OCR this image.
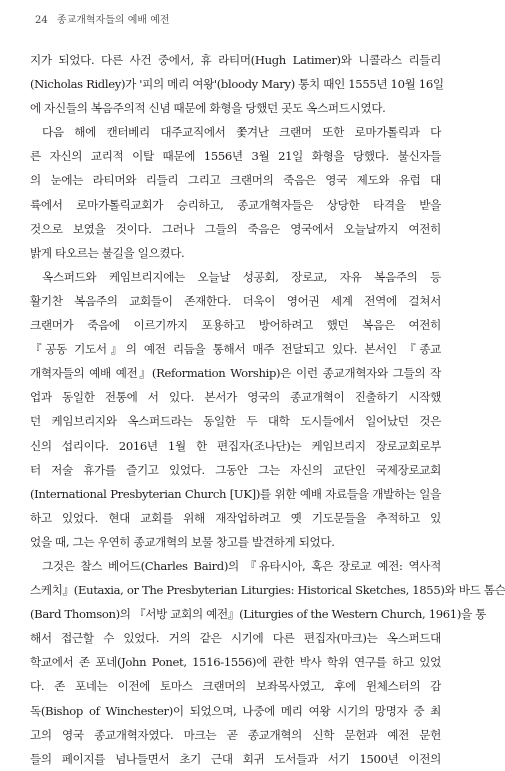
24 종교개혁자들의 예배 예전
지가 되었다. 다른 사건 중에서, 휴 라티머(Hugh Latimer)와 니콜라스 리들리
(Nicholas Ridley)가 '피의 메리 여왕'(bloody Mary) 통치 때인 1555년 10월 16일
에 자신들의 복음주의적 신념 때문에 화형을 당했던 곳도 옥스퍼드시였다.
다음 해에 캔터베리 대주교직에서 쫓겨난 크랜머 또한 로마가톨릭과 다
른 자신의 교리적 이탈 때문에 1556년 3월 21일 화형을 당했다. 불신자들
의 눈에는 라티머와 리들리 그리고 크랜머의 죽음은 영국 제도와 유럽 대
륙에서 로마가톨릭교회가 승리하고, 종교개혁자들은 상당한 타격을 받을
것으로 보였을 것이다. 그러나 그들의 죽음은 영국에서 오늘날까지 여전히
밝게 타오르는 불길을 일으켰다.
옥스퍼드와 케임브리지에는 오늘날 성공회, 장로교, 자유 복음주의 등
활기찬 복음주의 교회들이 존재한다. 더욱이 영어권 세계 전역에 걸쳐서
크랜머가 죽음에 이르기까지 포용하고 방어하려고 했던 복음은 여전히
『공동 기도서』의 예전 리듬을 통해서 매주 전달되고 있다. 본서인 『종교
개혁자들의 예배 예전』(Reformation Worship)은 이런 종교개혁자와 그들의 작
업과 동일한 전통에 서 있다. 본서가 영국의 종교개혁이 진출하기 시작했
던 케임브리지와 옥스퍼드라는 동일한 두 대학 도시들에서 일어났던 것은
신의 섭리이다. 2016년 1월 한 편집자(조나단)는 케임브리지 장로교회로부
터 저술 휴가를 즐기고 있었다. 그동안 그는 자신의 교단인 국제장로교회
(International Presbyterian Church [UK])를 위한 예배 자료들을 개발하는 일을
하고 있었다. 현대 교회를 위해 재작업하려고 옛 기도문들을 추적하고 있
었을 때, 그는 우연히 종교개혁의 보물 창고를 발견하게 되었다.
그것은 찰스 베어드(Charles Baird)의 『유타시아, 혹은 장로교 예전: 역사적
스케치』(Eutaxia, or The Presbyterian Liturgies: Historical Sketches, 1855)와 바드 톰슨
(Bard Thomson)의 『서방 교회의 예전』(Liturgies of the Western Church, 1961)을 통
해서 접근할 수 있었다. 거의 같은 시기에 다른 편집자(마크)는 옥스퍼드대
학교에서 존 포네(John Ponet, 1516-1556)에 관한 박사 학위 연구를 하고 있었
다. 존 포네는 이전에 토마스 크랜머의 보좌목사였고, 후에 윈체스터의 감
독(Bishop of Winchester)이 되었으며, 나중에 메리 여왕 시기의 망명자 중 최
고의 영국 종교개혁자였다. 마크는 곧 종교개혁의 신학 문헌과 예전 문헌
들의 페이지를 넘나들면서 초기 근대 회귀 도서들과 서기 1500년 이전의
